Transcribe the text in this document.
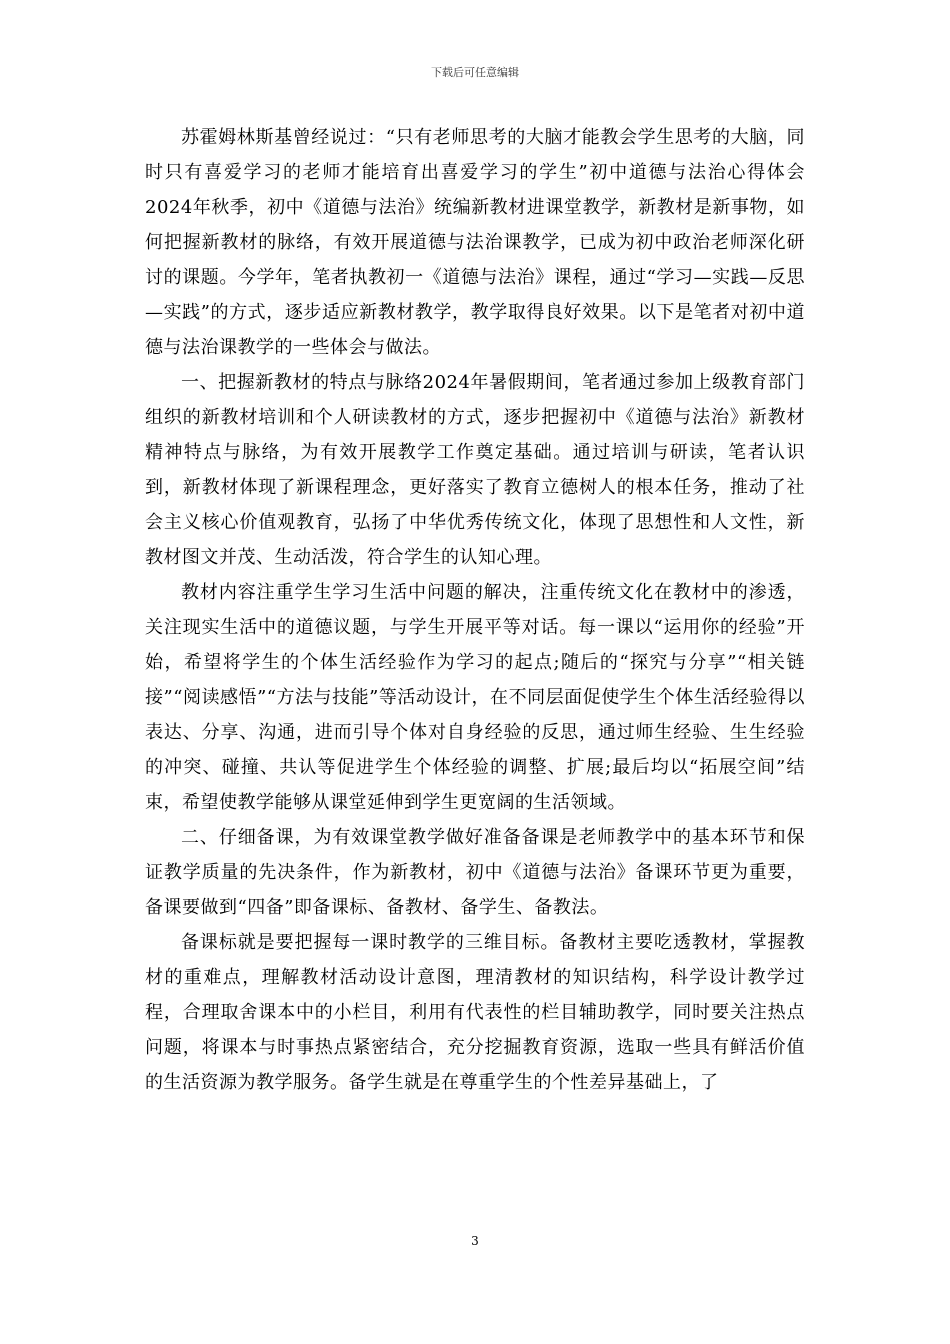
下载后可任意编辑

苏霍姆林斯基曾经说过：“只有老师思考的大脑才能教会学生思考的大脑，同时只有喜爱学习的老师才能培育出喜爱学习的学生”初中道德与法治心得体会2024年秋季，初中《道德与法治》统编新教材进课堂教学，新教材是新事物，如何把握新教材的脉络，有效开展道德与法治课教学，已成为初中政治老师深化研讨的课题。今学年，笔者执教初一《道德与法治》课程，通过“学习—实践—反思—实践”的方式，逐步适应新教材教学，教学取得良好效果。以下是笔者对初中道德与法治课教学的一些体会与做法。

一、把握新教材的特点与脉络2024年暑假期间，笔者通过参加上级教育部门组织的新教材培训和个人研读教材的方式，逐步把握初中《道德与法治》新教材精神特点与脉络，为有效开展教学工作奠定基础。通过培训与研读，笔者认识到，新教材体现了新课程理念，更好落实了教育立德树人的根本任务，推动了社会主义核心价值观教育，弘扬了中华优秀传统文化，体现了思想性和人文性，新教材图文并茂、生动活泼，符合学生的认知心理。

教材内容注重学生学习生活中问题的解决，注重传统文化在教材中的渗透，关注现实生活中的道德议题，与学生开展平等对话。每一课以“运用你的经验”开始，希望将学生的个体生活经验作为学习的起点;随后的“探究与分享”“相关链接”“阅读感悟”“方法与技能”等活动设计，在不同层面促使学生个体生活经验得以表达、分享、沟通，进而引导个体对自身经验的反思，通过师生经验、生生经验的冲突、碰撞、共认等促进学生个体经验的调整、扩展;最后均以“拓展空间”结束，希望使教学能够从课堂延伸到学生更宽阔的生活领域。

二、仔细备课，为有效课堂教学做好准备备课是老师教学中的基本环节和保证教学质量的先决条件，作为新教材，初中《道德与法治》备课环节更为重要，备课要做到“四备”即备课标、备教材、备学生、备教法。

备课标就是要把握每一课时教学的三维目标。备教材主要吃透教材，掌握教材的重难点，理解教材活动设计意图，理清教材的知识结构，科学设计教学过程，合理取舍课本中的小栏目，利用有代表性的栏目辅助教学，同时要关注热点问题，将课本与时事热点紧密结合，充分挖掘教育资源，选取一些具有鲜活价值的生活资源为教学服务。备学生就是在尊重学生的个性差异基础上，了

3
